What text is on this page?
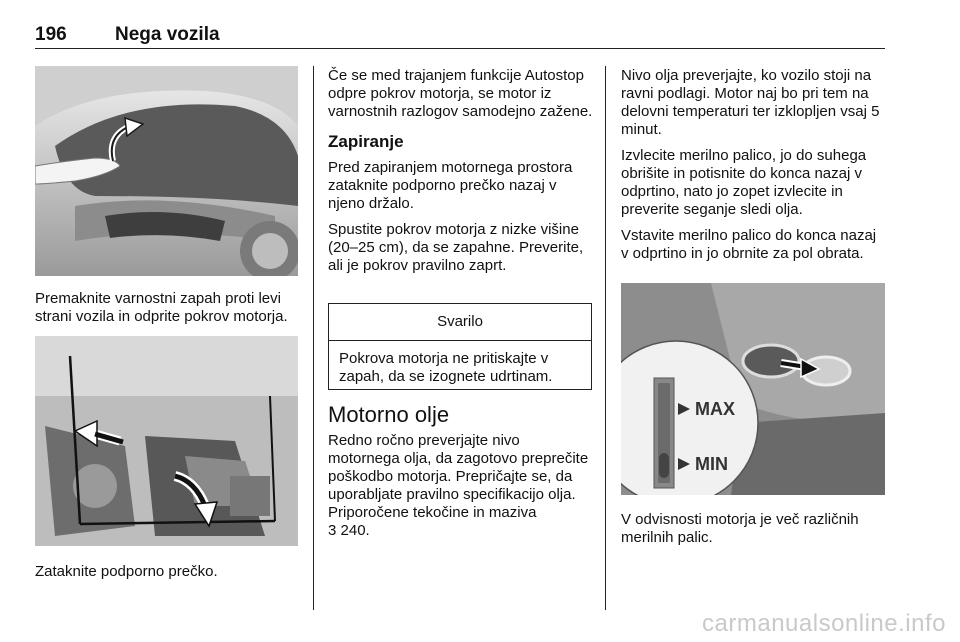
196	Nega vozila
Premaknite varnostni zapah proti levi strani vozila in odprite pokrov motorja.
Zataknite podporno prečko.

Če se med trajanjem funkcije Autostop odpre pokrov motorja, se motor iz varnostnih razlogov samodejno zažene.

Zapiranje

Pred zapiranjem motornega prostora zataknite podporno prečko nazaj v njeno držalo.

Spustite pokrov motorja z nizke višine (20–25 cm), da se zapahne. Preverite, ali je pokrov pravilno zaprt.

Svarilo
Pokrova motorja ne pritiskajte v zapah, da se izognete udrtinam.
Motorno olje
Redno ročno preverjajte nivo motornega olja, da zagotovo preprečite poškodbo motorja. Prepričajte se, da uporabljate pravilno specifikacijo olja. Priporočene tekočine in maziva
3 240.

Nivo olja preverjajte, ko vozilo stoji na ravni podlagi. Motor naj bo pri tem na delovni temperaturi ter izklopljen vsaj 5 minut.

Izvlecite merilno palico, jo do suhega obrišite in potisnite do konca nazaj v odprtino, nato jo zopet izvlecite in preverite seganje sledi olja.

Vstavite merilno palico do konca nazaj v odprtino in jo obrnite za pol obrata.

MAX
MIN
V odvisnosti motorja je več različnih merilnih palic.
carmanualsonline.info
